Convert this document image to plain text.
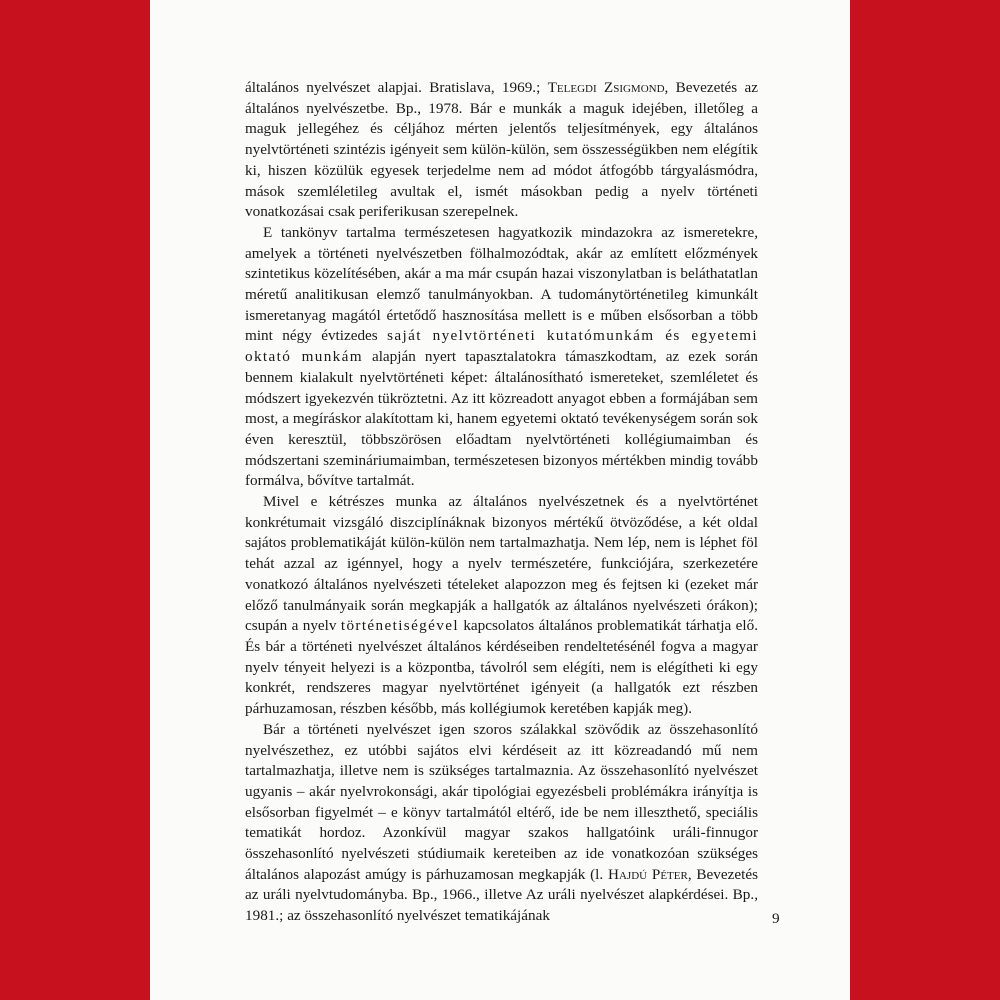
általános nyelvészet alapjai. Bratislava, 1969.; Telegdi Zsigmond, Bevezetés az általános nyelvészetbe. Bp., 1978. Bár e munkák a maguk idejében, illetőleg a maguk jellegéhez és céljához mérten jelentős teljesítmények, egy általános nyelvtörténeti szintézis igényeit sem külön-külön, sem összességükben nem elégítik ki, hiszen közülük egyesek terjedelme nem ad módot átfogóbb tárgyalásmódra, mások szemléletileg avultak el, ismét másokban pedig a nyelv történeti vonatkozásai csak periferikusan szerepelnek.

E tankönyv tartalma természetesen hagyatkozik mindazokra az ismeretekre, amelyek a történeti nyelvészetben fölhalmozódtak, akár az említett előzmények szintetikus közelítésében, akár a ma már csupán hazai viszonylatban is beláthatatlan méretű analitikusan elemző tanulmányokban. A tudománytörténetileg kimunkált ismeretanyag magától értetődő hasznosítása mellett is e műben elsősorban a több mint négy évtizedes saját nyelvtörténeti kutatómunkám és egyetemi oktató munkám alapján nyert tapasztalatokra támaszkodtam, az ezek során bennem kialakult nyelvtörténeti képet: általánosítható ismereteket, szemléletet és módszert igyekezvén tükröztetni. Az itt közreadott anyagot ebben a formájában sem most, a megíráskor alakítottam ki, hanem egyetemi oktató tevékenységem során sok éven keresztül, többszörösen előadtam nyelvtörténeti kollégiumaimban és módszertani szemináriumaimban, természetesen bizonyos mértékben mindig tovább formálva, bővítve tartalmát.

Mivel e kétrészes munka az általános nyelvészetnek és a nyelvtörténet konkrétumait vizsgáló diszciplínáknak bizonyos mértékű ötvöződése, a két oldal sajátos problematikáját külön-külön nem tartalmazhatja. Nem lép, nem is léphet föl tehát azzal az igénnyel, hogy a nyelv természetére, funkciójára, szerkezetére vonatkozó általános nyelvészeti tételeket alapozzon meg és fejtsen ki (ezeket már előző tanulmányaik során megkapják a hallgatók az általános nyelvészeti órákon); csupán a nyelv történetiségével kapcsolatos általános problematikát tárhatja elő. És bár a történeti nyelvészet általános kérdéseiben rendeltetésénél fogva a magyar nyelv tényeit helyezi is a központba, távolról sem elégíti, nem is elégítheti ki egy konkrét, rendszeres magyar nyelvtörténet igényeit (a hallgatók ezt részben párhuzamosan, részben később, más kollégiumok keretében kapják meg).

Bár a történeti nyelvészet igen szoros szálakkal szövődik az összehasonlító nyelvészethez, ez utóbbi sajátos elvi kérdéseit az itt közreadandó mű nem tartalmazhatja, illetve nem is szükséges tartalmaznia. Az összehasonlító nyelvészet ugyanis – akár nyelvrokonsági, akár tipológiai egyezésbeli problémákra irányítja is elsősorban figyelmét – e könyv tartalmától eltérő, ide be nem illeszthető, speciális tematikát hordoz. Azonkívül magyar szakos hallgatóink uráli-finnugor összehasonlító nyelvészeti stúdiumaik kereteiben az ide vonatkozóan szükséges általános alapozást amúgy is párhuzamosan megkapják (l. Hajdú Péter, Bevezetés az uráli nyelvtudományba. Bp., 1966., illetve Az uráli nyelvészet alapkérdései. Bp., 1981.; az összehasonlító nyelvészet tematikájának	9
